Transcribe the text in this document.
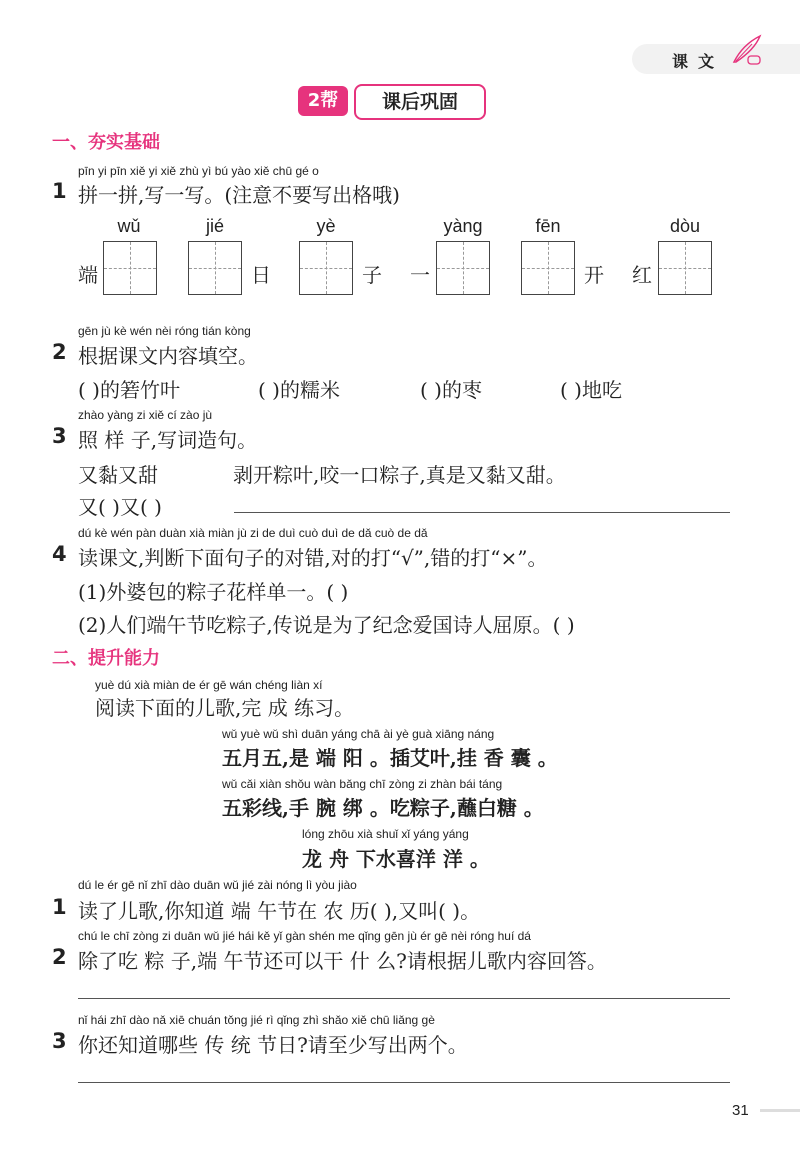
课文
2帮	课后巩固
一、夯实基础
pīn yi pīn xiě yi xiě zhù yì bú yào xiě chū gé o
1 拼一拼,写一写。(注意不要写出格哦)
wǔ
端
jié
日
yè
子
yàng
一
fēn
开
dòu
红
gēn jù kè wén nèi róng tián kòng
2 根据课文内容填空。
( )的箬竹叶	( )的糯米	( )的枣	( )地吃
zhào yàng zi xiě cí zào jù
3 照 样 子,写词造句。
又黏又甜	剥开粽叶,咬一口粽子,真是又黏又甜。
又( )又( )
dú kè wén pàn duàn xià miàn jù zi de duì cuò duì de dǎ cuò de dǎ
4 读课文,判断下面句子的对错,对的打“√”,错的打“×”。
(1)外婆包的粽子花样单一。( )
(2)人们端午节吃粽子,传说是为了纪念爱国诗人屈原。( )
二、提升能力
yuè dú xià miàn de ér gē wán chéng liàn xí
阅读下面的儿歌,完 成 练习。
wǔ yuè wǔ shì duān yáng chā ài yè guà xiāng náng
五月五,是 端 阳 。插艾叶,挂 香 囊 。
wǔ cǎi xiàn shǒu wàn bǎng chī zòng zi zhàn bái táng
五彩线,手 腕 绑 。吃粽子,蘸白糖 。
lóng zhōu xià shuǐ xǐ yáng yáng
龙 舟 下水喜洋 洋 。
dú le ér gē nǐ zhī dào duān wǔ jié zài nóng lì yòu jiào
1 读了儿歌,你知道 端 午节在 农 历( ),又叫( )。
chú le chī zòng zi duān wǔ jié hái kě yǐ gàn shén me qǐng gēn jù ér gē nèi róng huí dá
2 除了吃 粽 子,端 午节还可以干 什 么?请根据儿歌内容回答。
nǐ hái zhī dào nǎ xiē chuán tǒng jié rì qǐng zhì shǎo xiě chū liǎng gè
3 你还知道哪些 传 统 节日?请至少写出两个。
31
